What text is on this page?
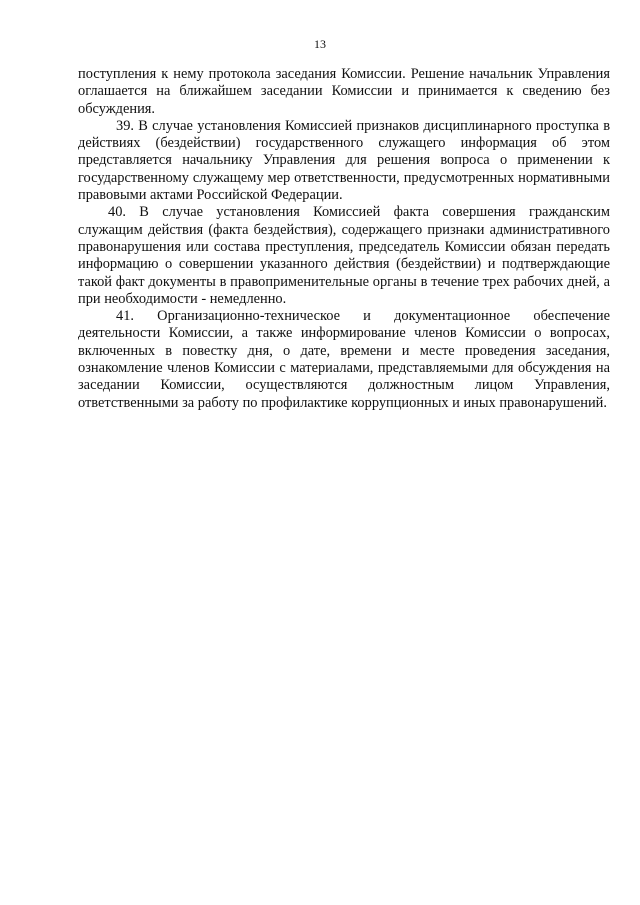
13

поступления к нему протокола заседания Комиссии. Решение начальник Управления оглашается на ближайшем заседании Комиссии и принимается к сведению без обсуждения.

39. В случае установления Комиссией признаков дисциплинарного проступка в действиях (бездействии) государственного служащего информация об этом представляется начальнику Управления для решения вопроса о применении к государственному служащему мер ответственности, предусмотренных нормативными правовыми актами Российской Федерации.

40. В случае установления Комиссией факта совершения гражданским служащим действия (факта бездействия), содержащего признаки административного правонарушения или состава преступления, председатель Комиссии обязан передать информацию о совершении указанного действия (бездействии) и подтверждающие такой факт документы в правоприменительные органы в течение трех рабочих дней, а при необходимости - немедленно.

41. Организационно-техническое и документационное обеспечение деятельности Комиссии, а также информирование членов Комиссии о вопросах, включенных в повестку дня, о дате, времени и месте проведения заседания, ознакомление членов Комиссии с материалами, представляемыми для обсуждения на заседании Комиссии, осуществляются должностным лицом Управления, ответственными за работу по профилактике коррупционных и иных правонарушений.
